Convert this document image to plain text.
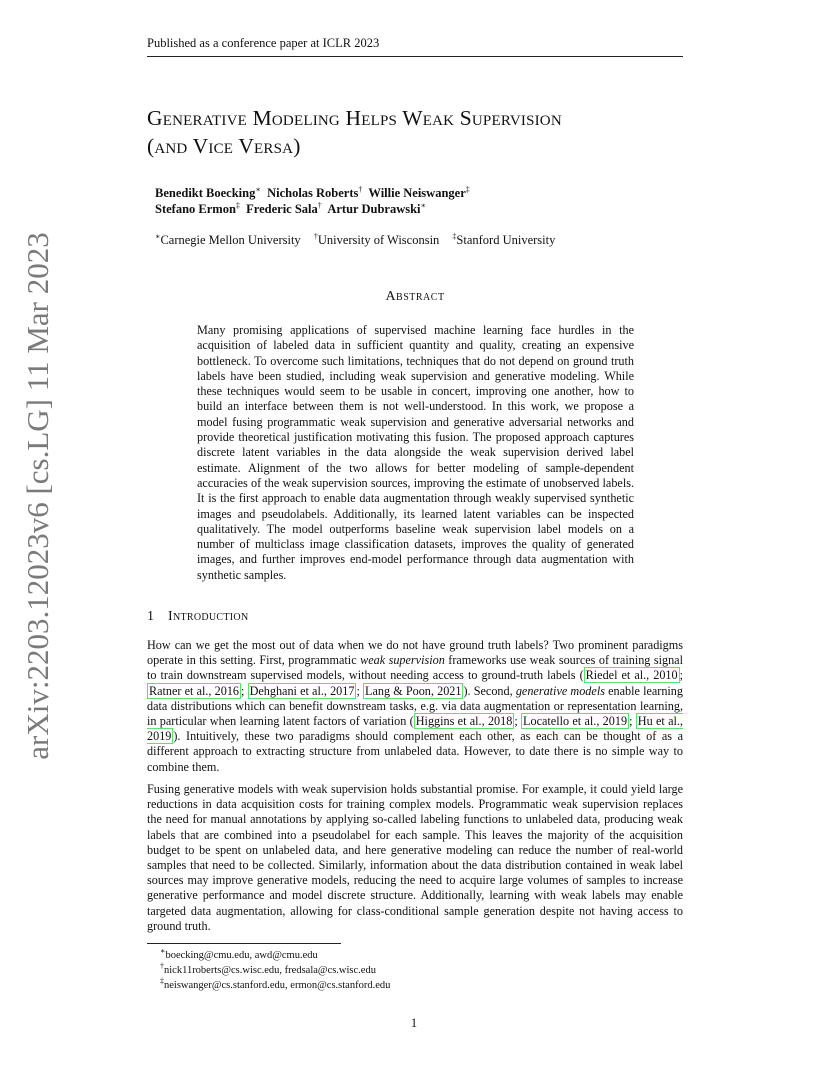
Published as a conference paper at ICLR 2023
arXiv:2203.12023v6 [cs.LG] 11 Mar 2023
Generative Modeling Helps Weak Supervision
(and Vice Versa)
Benedikt Boecking∗ Nicholas Roberts† Willie Neiswanger‡
Stefano Ermon‡ Frederic Sala† Artur Dubrawski∗
∗Carnegie Mellon University †University of Wisconsin ‡Stanford University
Abstract
Many promising applications of supervised machine learning face hurdles in the acquisition of labeled data in sufficient quantity and quality, creating an expensive bottleneck. To overcome such limitations, techniques that do not depend on ground truth labels have been studied, including weak supervision and generative modeling. While these techniques would seem to be usable in concert, improving one another, how to build an interface between them is not well-understood. In this work, we propose a model fusing programmatic weak supervision and generative adversarial networks and provide theoretical justification motivating this fusion. The proposed approach captures discrete latent variables in the data alongside the weak supervision derived label estimate. Alignment of the two allows for better modeling of sample-dependent accuracies of the weak supervision sources, improving the estimate of unobserved labels. It is the first approach to enable data augmentation through weakly supervised synthetic images and pseudolabels. Additionally, its learned latent variables can be inspected qualitatively. The model outperforms baseline weak supervision label models on a number of multiclass image classification datasets, improves the quality of generated images, and further improves end-model performance through data augmentation with synthetic samples.
1 Introduction
How can we get the most out of data when we do not have ground truth labels? Two prominent paradigms operate in this setting. First, programmatic weak supervision frameworks use weak sources of training signal to train downstream supervised models, without needing access to ground-truth labels ( Riedel et al., 2010 ; Ratner et al., 2016 ; Dehghani et al., 2017 ; Lang & Poon, 2021 ). Second, generative models enable learning data distributions which can benefit downstream tasks, e.g. via data augmentation or representation learning, in particular when learning latent factors of variation ( Higgins et al., 2018 ; Locatello et al., 2019 ; Hu et al., 2019 ). Intuitively, these two paradigms should complement each other, as each can be thought of as a different approach to extracting structure from unlabeled data. However, to date there is no simple way to combine them.
Fusing generative models with weak supervision holds substantial promise. For example, it could yield large reductions in data acquisition costs for training complex models. Programmatic weak supervision replaces the need for manual annotations by applying so-called labeling functions to unlabeled data, producing weak labels that are combined into a pseudolabel for each sample. This leaves the majority of the acquisition budget to be spent on unlabeled data, and here generative modeling can reduce the number of real-world samples that need to be collected. Similarly, information about the data distribution contained in weak label sources may improve generative models, reducing the need to acquire large volumes of samples to increase generative performance and model discrete structure. Additionally, learning with weak labels may enable targeted data augmentation, allowing for class-conditional sample generation despite not having access to ground truth.
∗boecking@cmu.edu, awd@cmu.edu
†nick11roberts@cs.wisc.edu, fredsala@cs.wisc.edu
‡neiswanger@cs.stanford.edu, ermon@cs.stanford.edu
1
